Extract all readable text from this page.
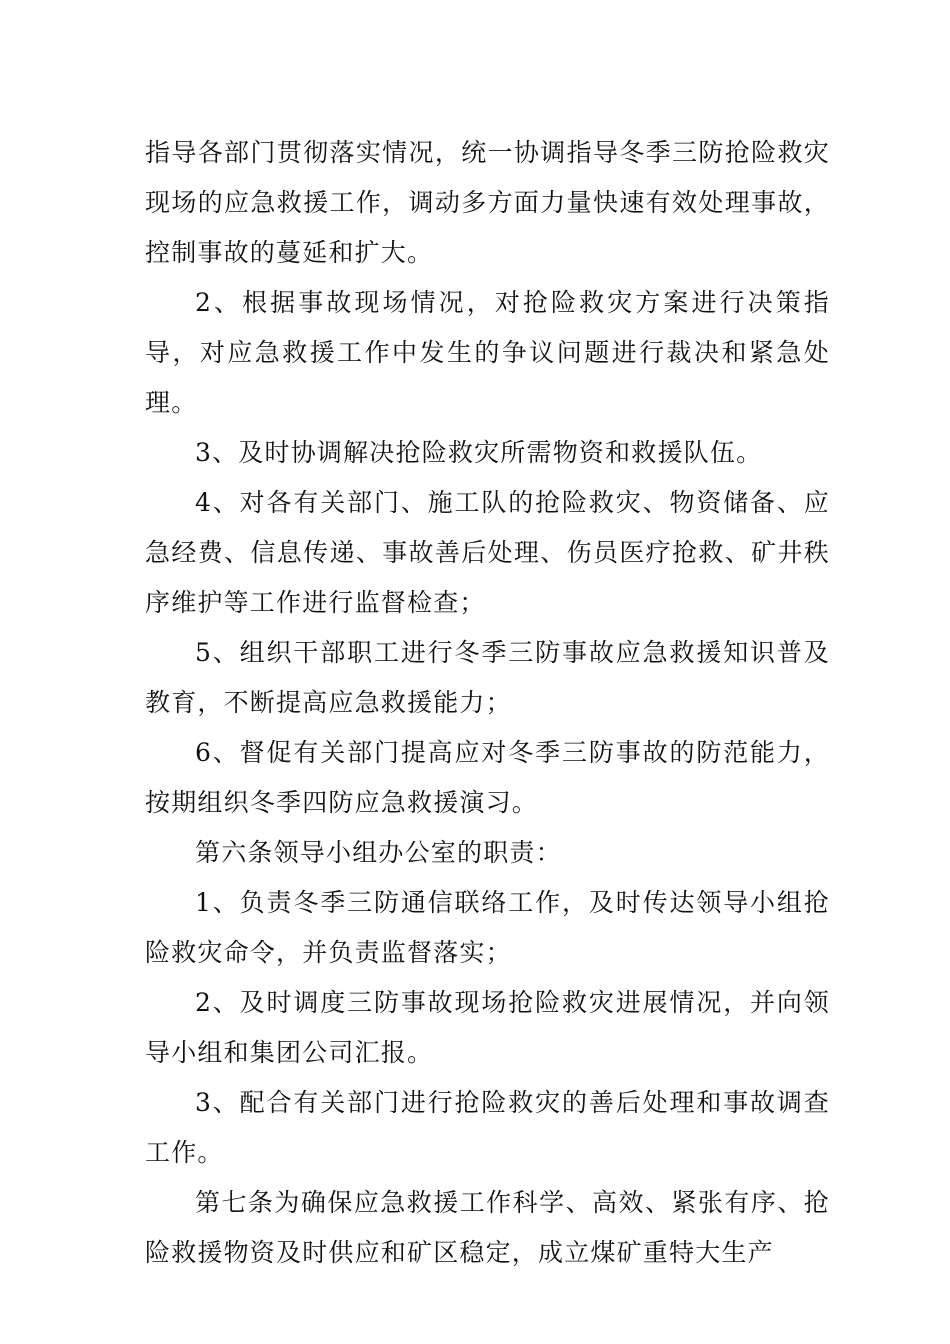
指导各部门贯彻落实情况，统一协调指导冬季三防抢险救灾现场的应急救援工作，调动多方面力量快速有效处理事故，控制事故的蔓延和扩大。

2、根据事故现场情况，对抢险救灾方案进行决策指导，对应急救援工作中发生的争议问题进行裁决和紧急处理。

3、及时协调解决抢险救灾所需物资和救援队伍。

4、对各有关部门、施工队的抢险救灾、物资储备、应急经费、信息传递、事故善后处理、伤员医疗抢救、矿井秩序维护等工作进行监督检查；

5、组织干部职工进行冬季三防事故应急救援知识普及教育，不断提高应急救援能力；

6、督促有关部门提高应对冬季三防事故的防范能力，按期组织冬季四防应急救援演习。

第六条领导小组办公室的职责：

1、负责冬季三防通信联络工作，及时传达领导小组抢险救灾命令，并负责监督落实；

2、及时调度三防事故现场抢险救灾进展情况，并向领导小组和集团公司汇报。

3、配合有关部门进行抢险救灾的善后处理和事故调查工作。

第七条为确保应急救援工作科学、高效、紧张有序、抢险救援物资及时供应和矿区稳定，成立煤矿重特大生产
